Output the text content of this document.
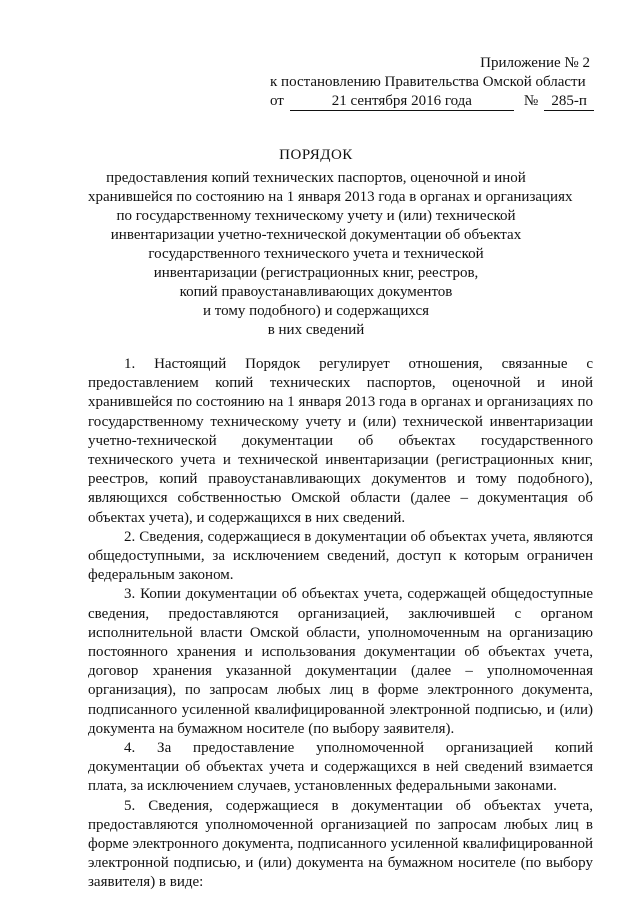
Приложение № 2
к постановлению Правительства Омской области
от	21 сентября 2016 года	№ 285-п
ПОРЯДОК
предоставления копий технических паспортов, оценочной и иной
хранившейся по состоянию на 1 января 2013 года в органах и организациях
по государственному техническому учету и (или) технической
инвентаризации учетно-технической документации об объектах
государственного технического учета и технической
инвентаризации (регистрационных книг, реестров,
копий правоустанавливающих документов
и тому подобного) и содержащихся
в них сведений

1. Настоящий Порядок регулирует отношения, связанные с предоставлением копий технических паспортов, оценочной и иной хранившейся по состоянию на 1 января 2013 года в органах и организациях по государственному техническому учету и (или) технической инвентаризации учетно-технической документации об объектах государственного технического учета и технической инвентаризации (регистрационных книг, реестров, копий правоустанавливающих документов и тому подобного), являющихся собственностью Омской области (далее – документация об объектах учета), и содержащихся в них сведений.

2. Сведения, содержащиеся в документации об объектах учета, являются общедоступными, за исключением сведений, доступ к которым ограничен федеральным законом.

3. Копии документации об объектах учета, содержащей общедоступные сведения, предоставляются организацией, заключившей с органом исполнительной власти Омской области, уполномоченным на организацию постоянного хранения и использования документации об объектах учета, договор хранения указанной документации (далее – уполномоченная организация), по запросам любых лиц в форме электронного документа, подписанного усиленной квалифицированной электронной подписью, и (или) документа на бумажном носителе (по выбору заявителя).

4. За предоставление уполномоченной организацией копий документации об объектах учета и содержащихся в ней сведений взимается плата, за исключением случаев, установленных федеральными законами.

5. Сведения, содержащиеся в документации об объектах учета, предоставляются уполномоченной организацией по запросам любых лиц в форме электронного документа, подписанного усиленной квалифицированной электронной подписью, и (или) документа на бумажном носителе (по выбору заявителя) в виде:
